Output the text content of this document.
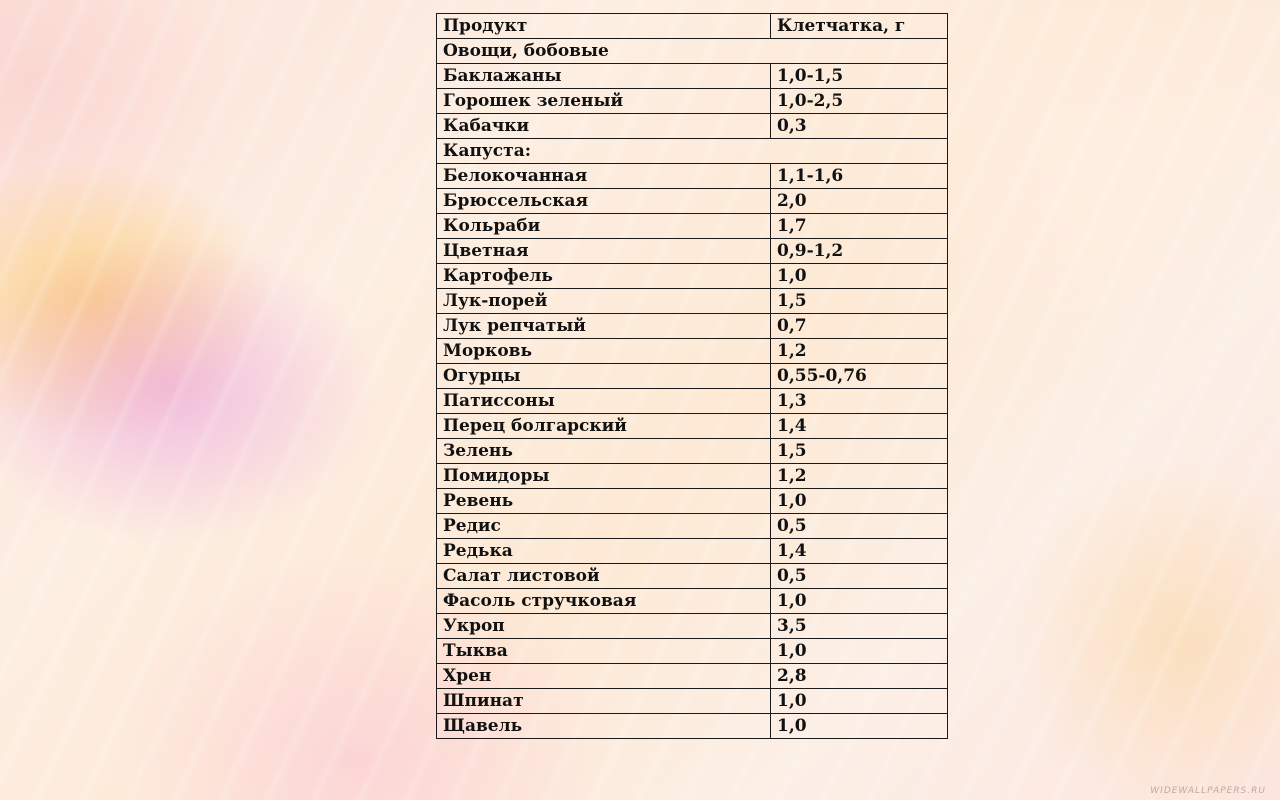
Продукт	Клетчатка, г
Овощи, бобовые	
Баклажаны	1,0-1,5
Горошек зеленый	1,0-2,5
Кабачки	0,3
Капуста:	
Белокочанная	1,1-1,6
Брюссельская	2,0
Кольраби	1,7
Цветная	0,9-1,2
Картофель	1,0
Лук-порей	1,5
Лук репчатый	0,7
Морковь	1,2
Огурцы	0,55-0,76
Патиссоны	1,3
Перец болгарский	1,4
Зелень	1,5
Помидоры	1,2
Ревень	1,0
Редис	0,5
Редька	1,4
Салат листовой	0,5
Фасоль стручковая	1,0
Укроп	3,5
Тыква	1,0
Хрен	2,8
Шпинат	1,0
Щавель	1,0
WIDEWALLPAPERS.RU
